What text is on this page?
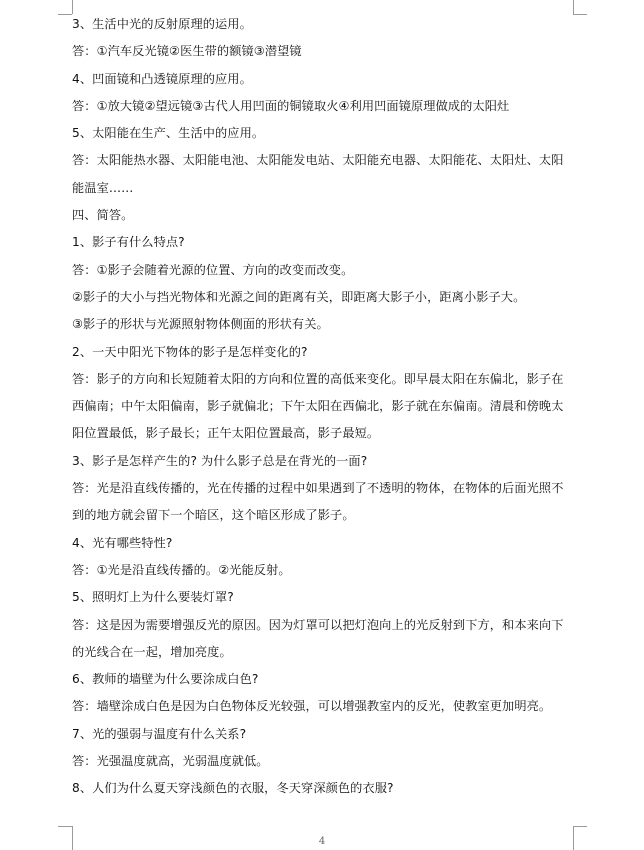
3、生活中光的反射原理的运用。
答：①汽车反光镜②医生带的额镜③潜望镜
4、凹面镜和凸透镜原理的应用。
答：①放大镜②望远镜③古代人用凹面的铜镜取火④利用凹面镜原理做成的太阳灶
5、太阳能在生产、生活中的应用。
答：太阳能热水器、太阳能电池、太阳能发电站、太阳能充电器、太阳能花、太阳灶、太阳
能温室……
四、简答。
1、影子有什么特点?
答：①影子会随着光源的位置、方向的改变而改变。
②影子的大小与挡光物体和光源之间的距离有关，即距离大影子小，距离小影子大。
③影子的形状与光源照射物体侧面的形状有关。
2、一天中阳光下物体的影子是怎样变化的?
答：影子的方向和长短随着太阳的方向和位置的高低来变化。即早晨太阳在东偏北，影子在
西偏南；中午太阳偏南，影子就偏北；下午太阳在西偏北，影子就在东偏南。清晨和傍晚太
阳位置最低，影子最长；正午太阳位置最高，影子最短。
3、影子是怎样产生的? 为什么影子总是在背光的一面?
答：光是沿直线传播的，光在传播的过程中如果遇到了不透明的物体，在物体的后面光照不
到的地方就会留下一个暗区，这个暗区形成了影子。
4、光有哪些特性?
答：①光是沿直线传播的。②光能反射。
5、照明灯上为什么要装灯罩?
答：这是因为需要增强反光的原因。因为灯罩可以把灯泡向上的光反射到下方，和本来向下
的光线合在一起，增加亮度。
6、教师的墙壁为什么要涂成白色?
答：墙壁涂成白色是因为白色物体反光较强，可以增强教室内的反光，使教室更加明亮。
7、光的强弱与温度有什么关系?
答：光强温度就高，光弱温度就低。
8、人们为什么夏天穿浅颜色的衣服，冬天穿深颜色的衣服?
4
